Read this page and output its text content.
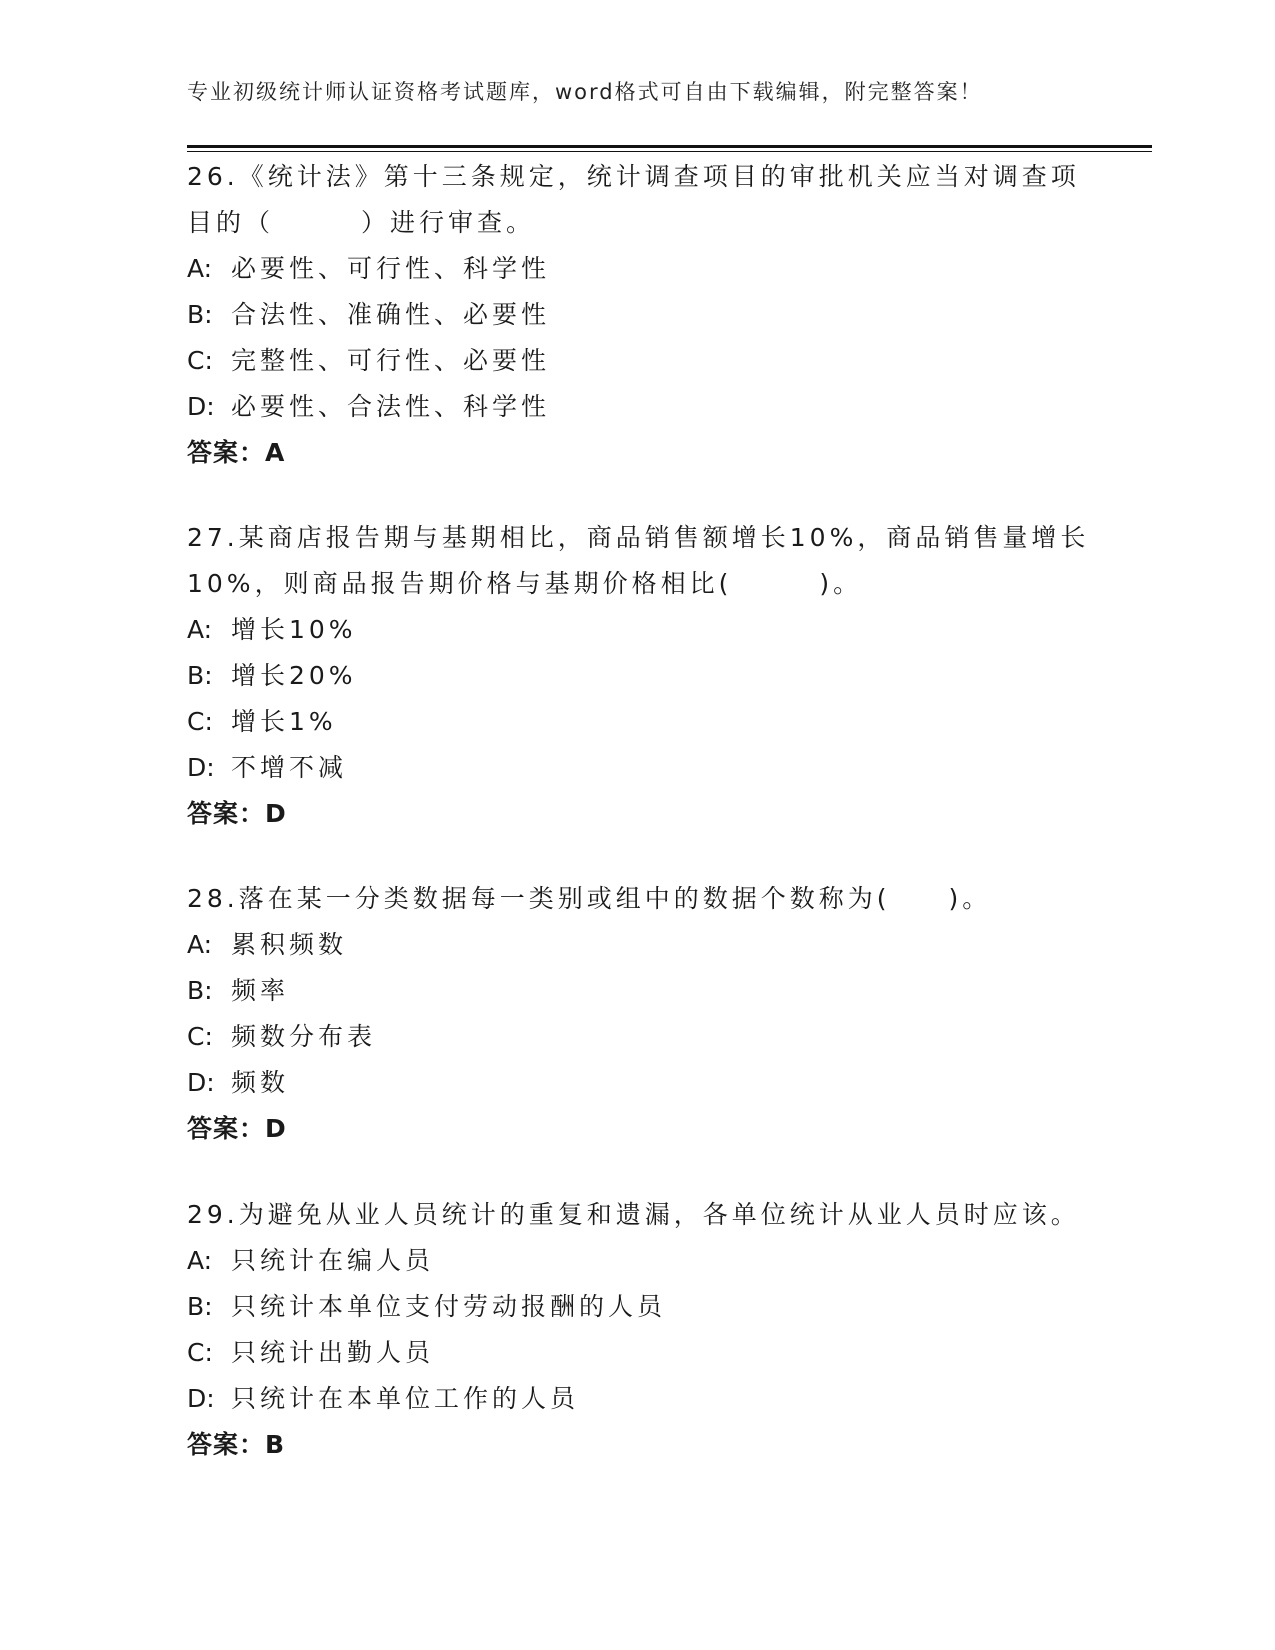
专业初级统计师认证资格考试题库，word格式可自由下载编辑，附完整答案！
26.《统计法》第十三条规定，统计调查项目的审批机关应当对调查项
目的（　　　）进行审查。
A: 必要性、可行性、科学性
B: 合法性、准确性、必要性
C: 完整性、可行性、必要性
D: 必要性、合法性、科学性
答案：A
27.某商店报告期与基期相比，商品销售额增长10%，商品销售量增长
10%，则商品报告期价格与基期价格相比(　　　)。
A: 增长10%
B: 增长20%
C: 增长1%
D: 不增不减
答案：D
28.落在某一分类数据每一类别或组中的数据个数称为(　　)。
A: 累积频数
B: 频率
C: 频数分布表
D: 频数
答案：D
29.为避免从业人员统计的重复和遗漏，各单位统计从业人员时应该。
A: 只统计在编人员
B: 只统计本单位支付劳动报酬的人员
C: 只统计出勤人员
D: 只统计在本单位工作的人员
答案：B
